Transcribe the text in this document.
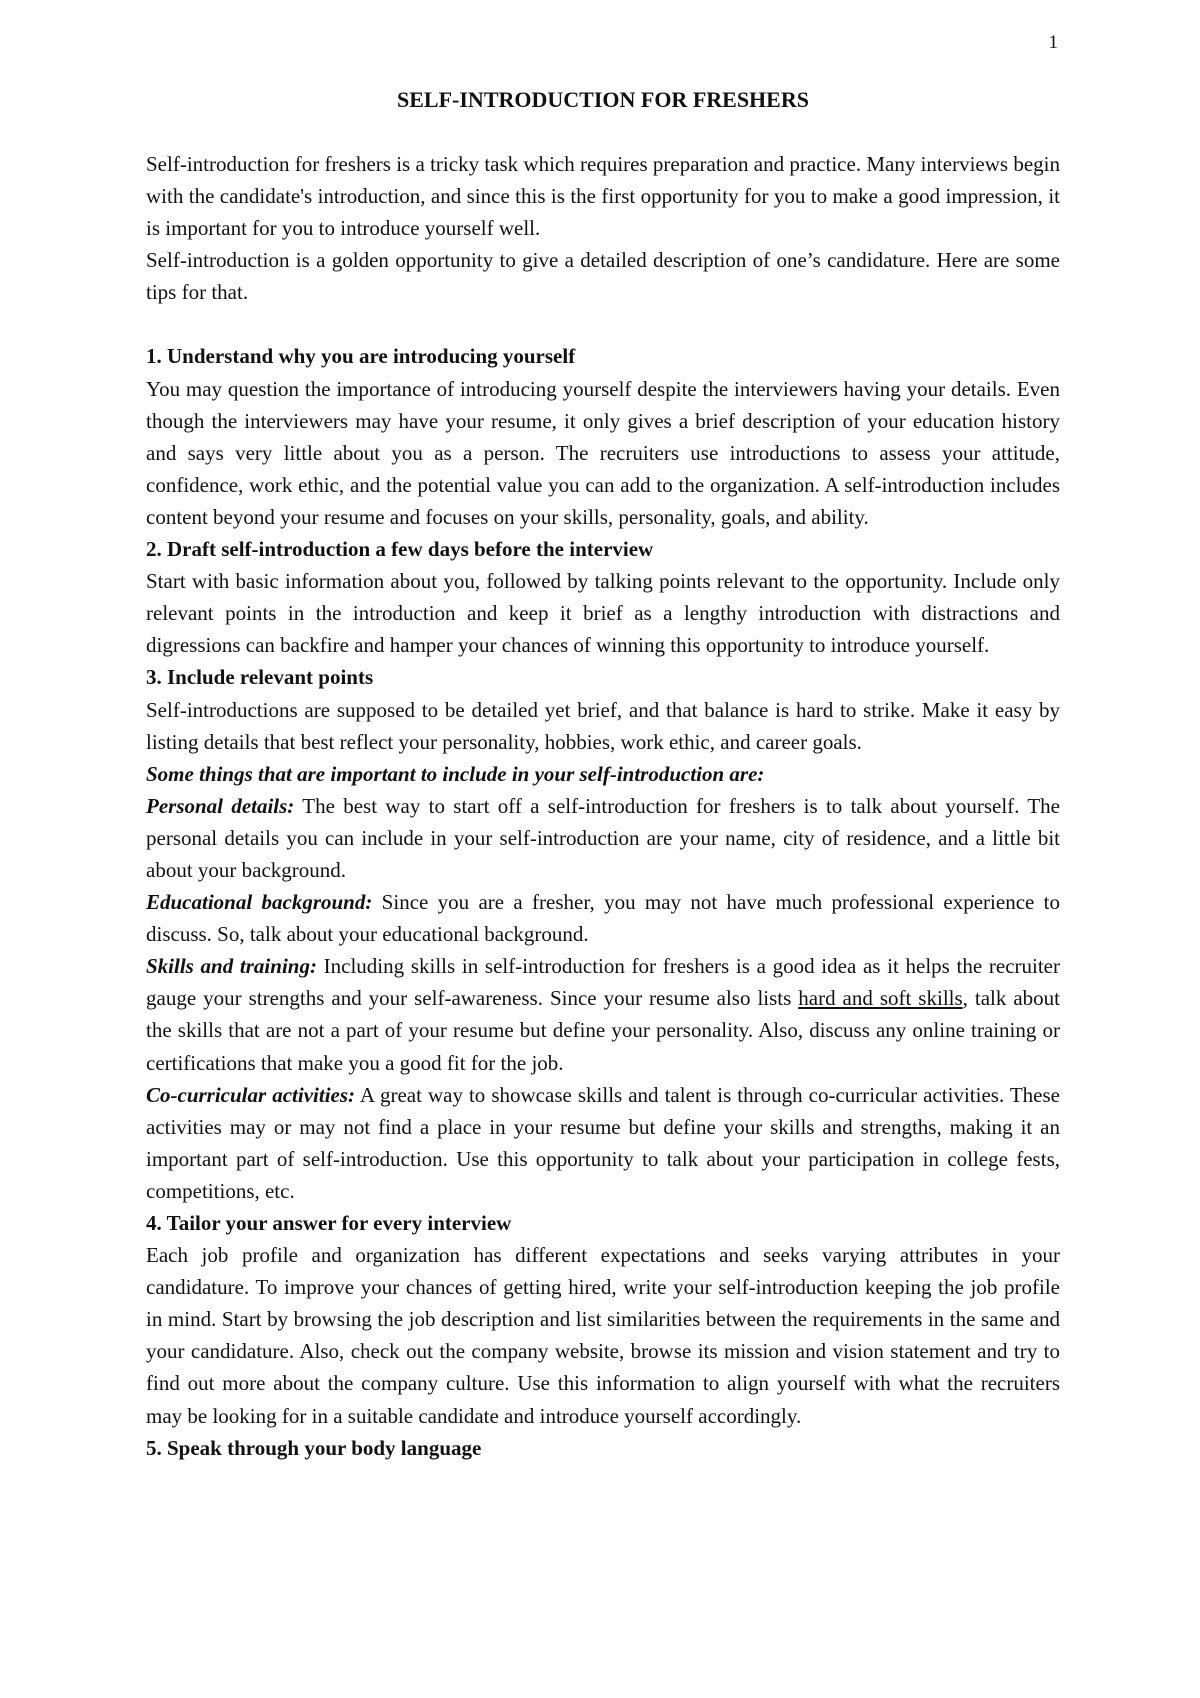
1
SELF-INTRODUCTION FOR FRESHERS

Self-introduction for freshers is a tricky task which requires preparation and practice. Many interviews begin with the candidate's introduction, and since this is the first opportunity for you to make a good impression, it is important for you to introduce yourself well.

Self-introduction is a golden opportunity to give a detailed description of one’s candidature. Here are some tips for that.

1. Understand why you are introducing yourself

You may question the importance of introducing yourself despite the interviewers having your details. Even though the interviewers may have your resume, it only gives a brief description of your education history and says very little about you as a person. The recruiters use introductions to assess your attitude, confidence, work ethic, and the potential value you can add to the organization. A self-introduction includes content beyond your resume and focuses on your skills, personality, goals, and ability.

2. Draft self-introduction a few days before the interview

Start with basic information about you, followed by talking points relevant to the opportunity. Include only relevant points in the introduction and keep it brief as a lengthy introduction with distractions and digressions can backfire and hamper your chances of winning this opportunity to introduce yourself.

3. Include relevant points

Self-introductions are supposed to be detailed yet brief, and that balance is hard to strike. Make it easy by listing details that best reflect your personality, hobbies, work ethic, and career goals.

Some things that are important to include in your self-introduction are:

Personal details: The best way to start off a self-introduction for freshers is to talk about yourself. The personal details you can include in your self-introduction are your name, city of residence, and a little bit about your background.

Educational background: Since you are a fresher, you may not have much professional experience to discuss. So, talk about your educational background.

Skills and training: Including skills in self-introduction for freshers is a good idea as it helps the recruiter gauge your strengths and your self-awareness. Since your resume also lists hard and soft skills, talk about the skills that are not a part of your resume but define your personality. Also, discuss any online training or certifications that make you a good fit for the job.

Co-curricular activities: A great way to showcase skills and talent is through co-curricular activities. These activities may or may not find a place in your resume but define your skills and strengths, making it an important part of self-introduction. Use this opportunity to talk about your participation in college fests, competitions, etc.

4. Tailor your answer for every interview

Each job profile and organization has different expectations and seeks varying attributes in your candidature. To improve your chances of getting hired, write your self-introduction keeping the job profile in mind. Start by browsing the job description and list similarities between the requirements in the same and your candidature. Also, check out the company website, browse its mission and vision statement and try to find out more about the company culture. Use this information to align yourself with what the recruiters may be looking for in a suitable candidate and introduce yourself accordingly.

5. Speak through your body language
